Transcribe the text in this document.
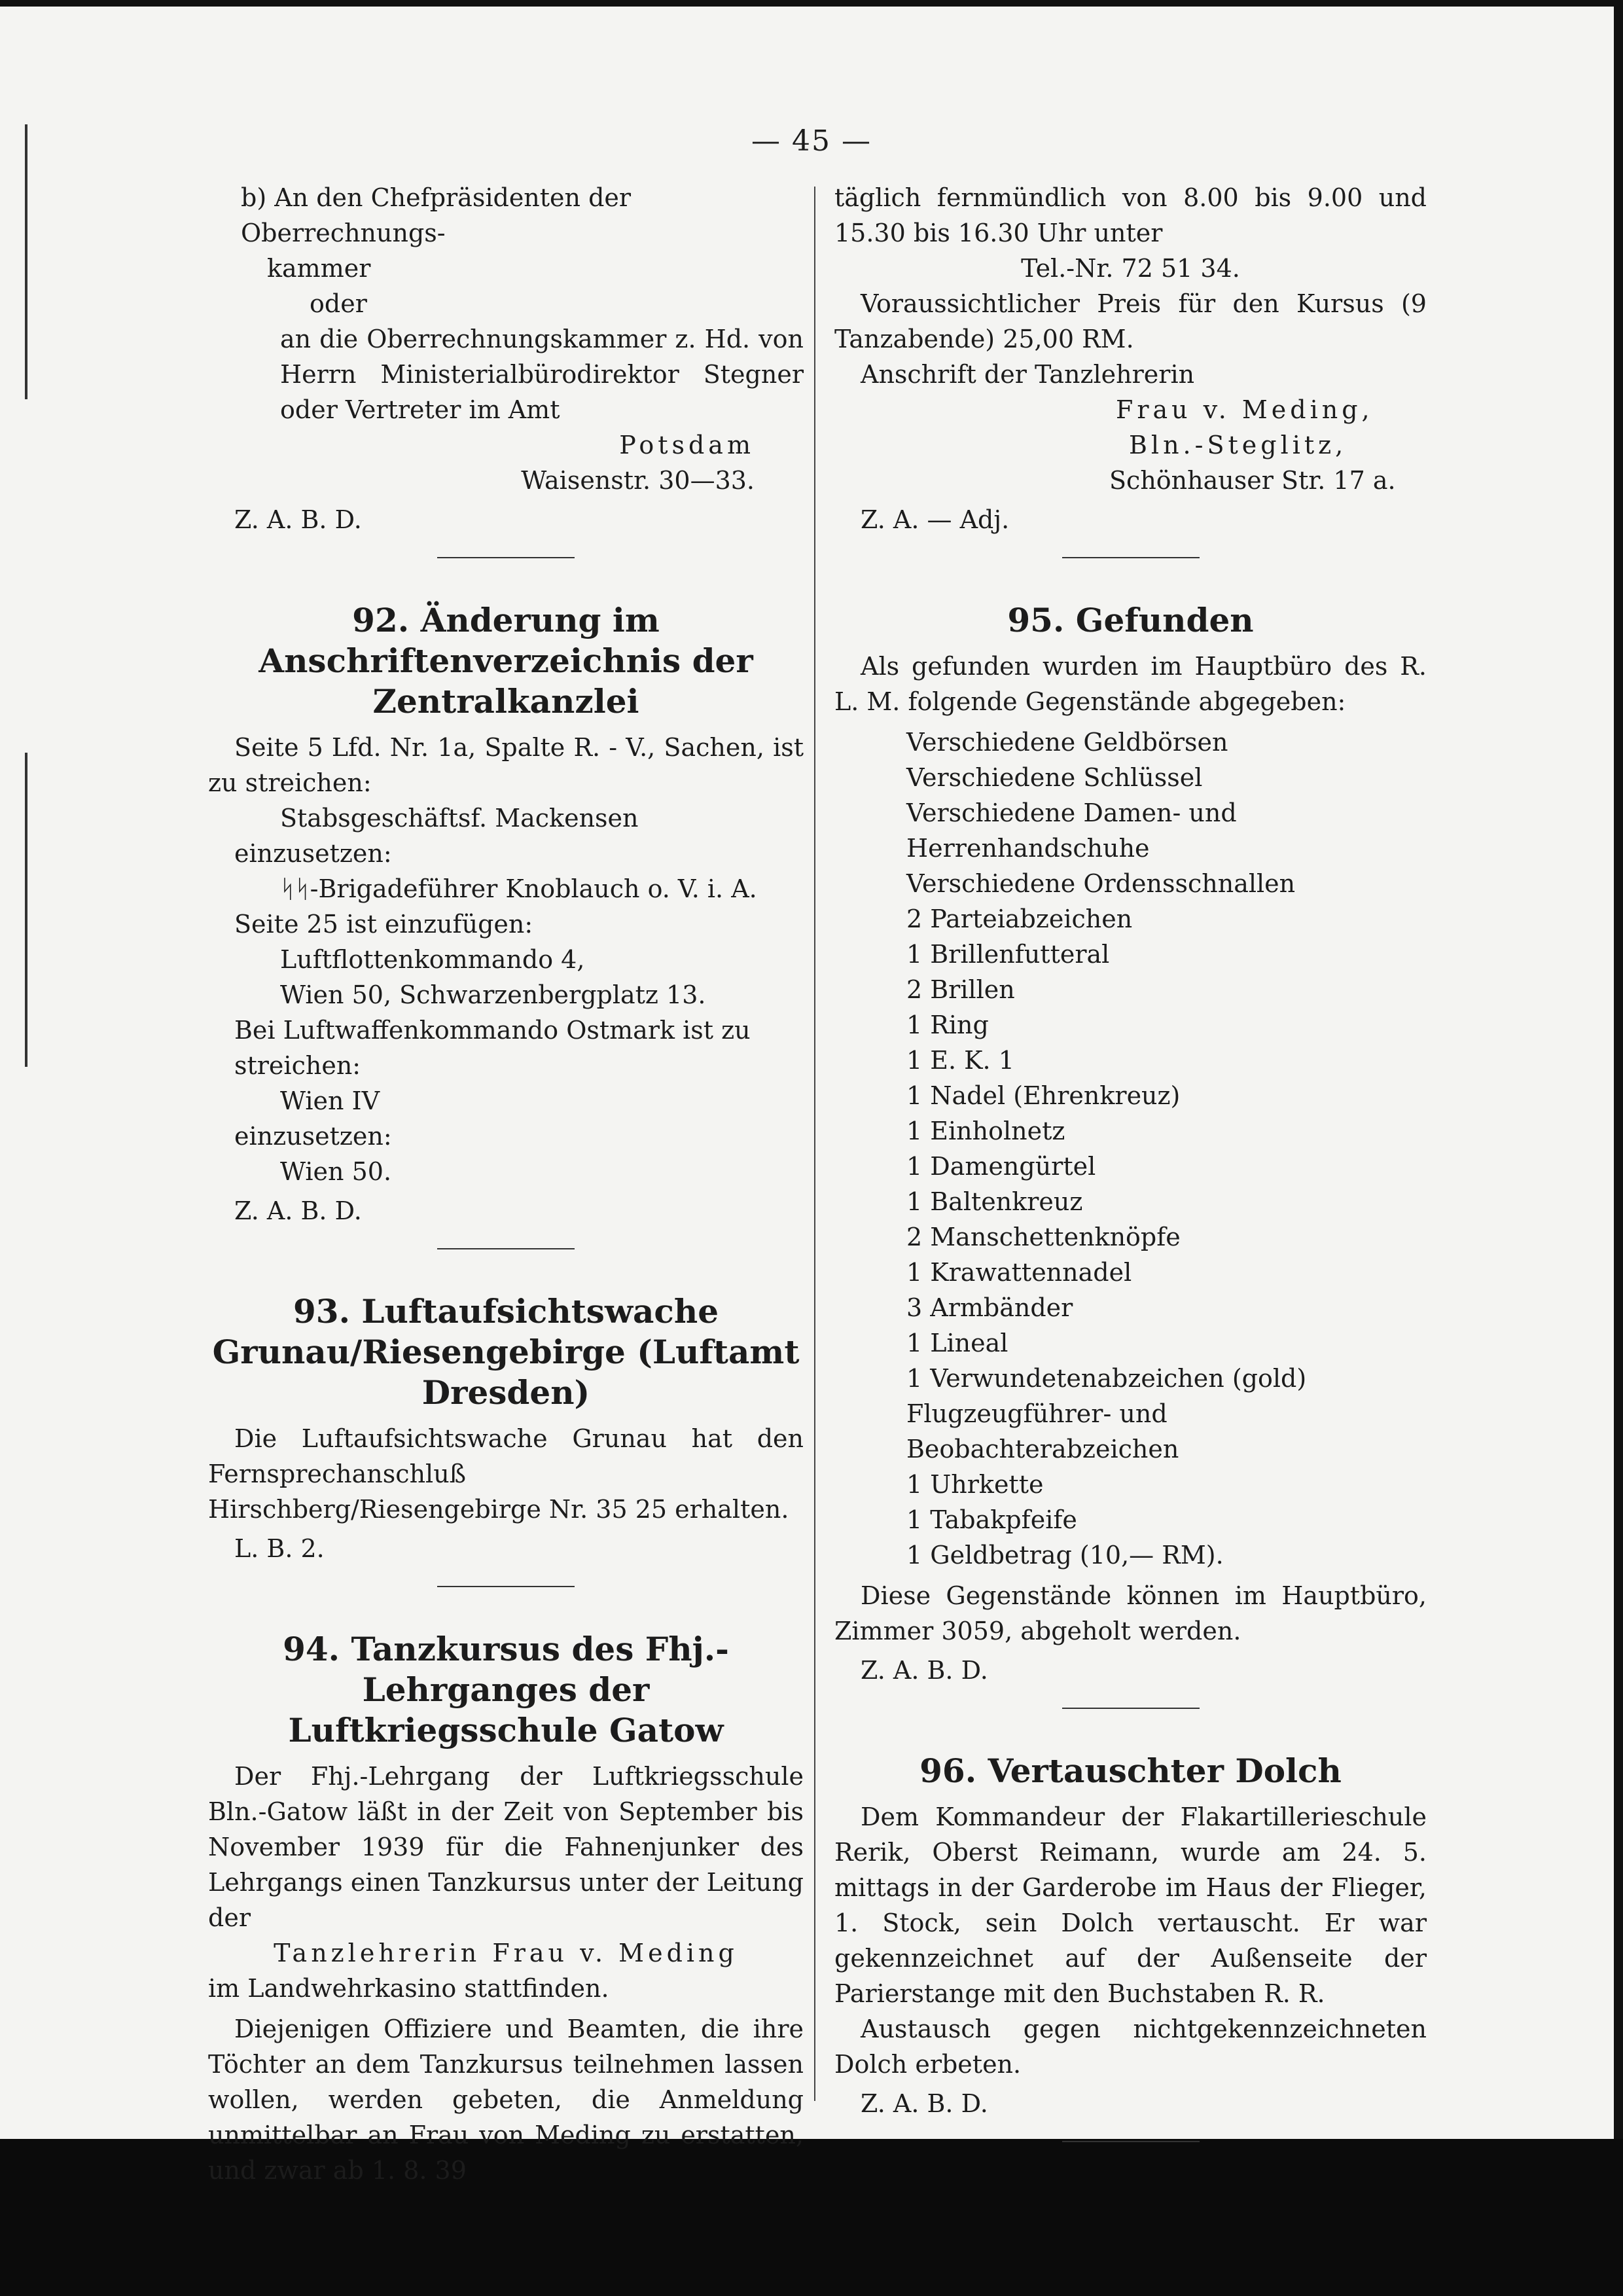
— 45 —

b) An den Chefpräsidenten der Oberrechnungs-

kammer

oder

an die Oberrechnungskammer z. Hd. von Herrn Ministerialbürodirektor Stegner oder Vertreter im Amt

Potsdam

Waisenstr. 30—33.

Z. A. B. D.

92. Änderung im Anschriftenverzeichnis der Zentralkanzlei

Seite 5 Lfd. Nr. 1a, Spalte R. - V., Sachen, ist zu streichen:

Stabsgeschäftsf. Mackensen

einzusetzen:

ᛋᛋ-Brigadeführer Knoblauch o. V. i. A.

Seite 25 ist einzufügen:

Luftflottenkommando 4,

Wien 50, Schwarzenbergplatz 13.

Bei Luftwaffenkommando Ostmark ist zu streichen:

Wien IV

einzusetzen:

Wien 50.

Z. A. B. D.

93. Luftaufsichtswache Grunau/Riesengebirge (Luftamt Dresden)

Die Luftaufsichtswache Grunau hat den Fernsprechanschluß Hirschberg/Riesengebirge Nr. 35 25 erhalten.

L. B. 2.

94. Tanzkursus des Fhj.-Lehrganges der Luftkriegsschule Gatow

Der Fhj.-Lehrgang der Luftkriegsschule Bln.-Gatow läßt in der Zeit von September bis November 1939 für die Fahnenjunker des Lehrgangs einen Tanzkursus unter der Leitung der

Tanzlehrerin Frau v. Meding

im Landwehrkasino stattfinden.

Diejenigen Offiziere und Beamten, die ihre Töchter an dem Tanzkursus teilnehmen lassen wollen, werden gebeten, die Anmeldung unmittelbar an Frau von Meding zu erstatten, und zwar ab 1. 8. 39

täglich fernmündlich von 8.00 bis 9.00 und 15.30 bis 16.30 Uhr unter

Tel.-Nr. 72 51 34.

Voraussichtlicher Preis für den Kursus (9 Tanzabende) 25,00 RM.

Anschrift der Tanzlehrerin

Frau v. Meding,

Bln.-Steglitz,

Schönhauser Str. 17 a.

Z. A. — Adj.

95. Gefunden

Als gefunden wurden im Hauptbüro des R. L. M. folgende Gegenstände abgegeben:

Verschiedene Geldbörsen

Verschiedene Schlüssel

Verschiedene Damen- und Herrenhandschuhe

Verschiedene Ordensschnallen

2 Parteiabzeichen

1 Brillenfutteral

2 Brillen

1 Ring

1 E. K. 1

1 Nadel (Ehrenkreuz)

1 Einholnetz

1 Damengürtel

1 Baltenkreuz

2 Manschettenknöpfe

1 Krawattennadel

3 Armbänder

1 Lineal

1 Verwundetenabzeichen (gold)

Flugzeugführer- und Beobachterabzeichen

1 Uhrkette

1 Tabakpfeife

1 Geldbetrag (10,— RM).

Diese Gegenstände können im Hauptbüro, Zimmer 3059, abgeholt werden.

Z. A. B. D.

96. Vertauschter Dolch

Dem Kommandeur der Flakartillerieschule Rerik, Oberst Reimann, wurde am 24. 5. mittags in der Garderobe im Haus der Flieger, 1. Stock, sein Dolch vertauscht. Er war gekennzeichnet auf der Außenseite der Parierstange mit den Buchstaben R. R.

Austausch gegen nichtgekennzeichneten Dolch erbeten.

Z. A. B. D.
